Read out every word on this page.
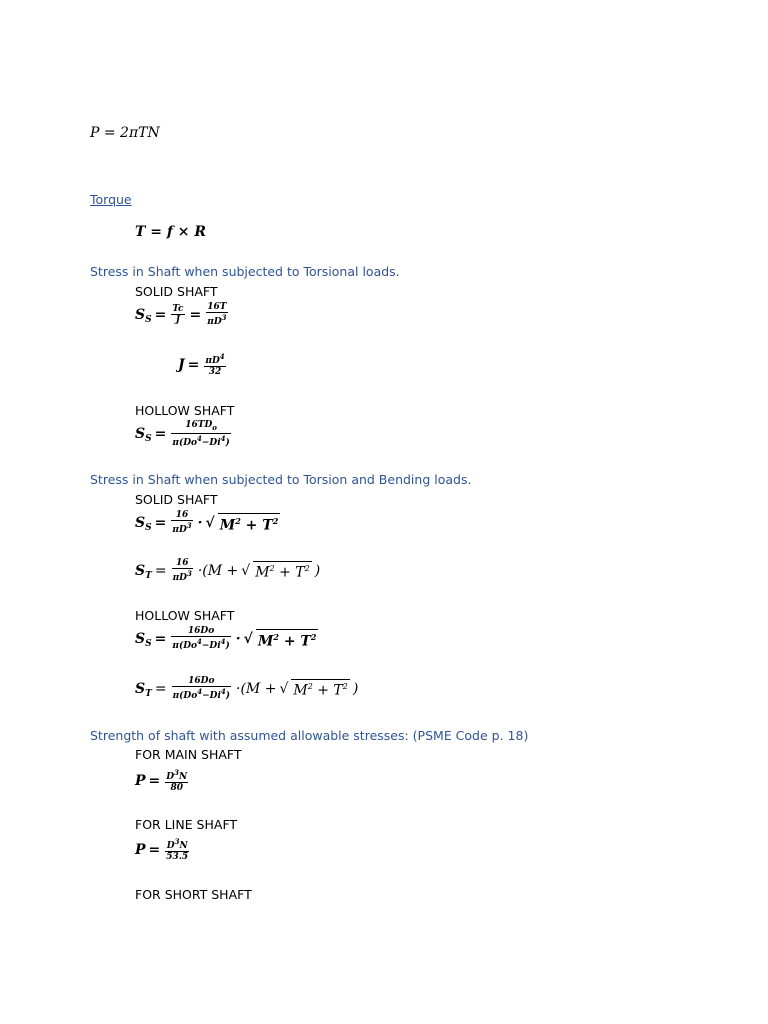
P = 2πTN
Torque
T = f × R
Stress in Shaft when subjected to Torsional loads.
SOLID SHAFT
$S_S = \frac{Tc}{J} = \frac{16T}{\pi D^3}$
$J = \frac{\pi D^4}{32}$
HOLLOW SHAFT
$S_S = \frac{16TD_o}{\pi(Do^4-Di^4)}$
Stress in Shaft when subjected to Torsion and Bending loads.
SOLID SHAFT
$S_S = \frac{16}{\pi D^3}$ · √ $M^2 + T^2$
$S_T = \frac{16}{\pi D^3} \cdot(M$ + √ $M^2 + T^2$ )
HOLLOW SHAFT
$S_S = \frac{16Do}{\pi(Do^4-Di^4)}$ · √ $M^2 + T^2$
$S_T = \frac{16Do}{\pi(Do^4-Di^4)} \cdot(M$ + √ $M^2 + T^2$ )
Strength of shaft with assumed allowable stresses: (PSME Code p. 18)
FOR MAIN SHAFT
$P = \frac{D^3N}{80}$
FOR LINE SHAFT
$P = \frac{D^3N}{53.5}$
FOR SHORT SHAFT
